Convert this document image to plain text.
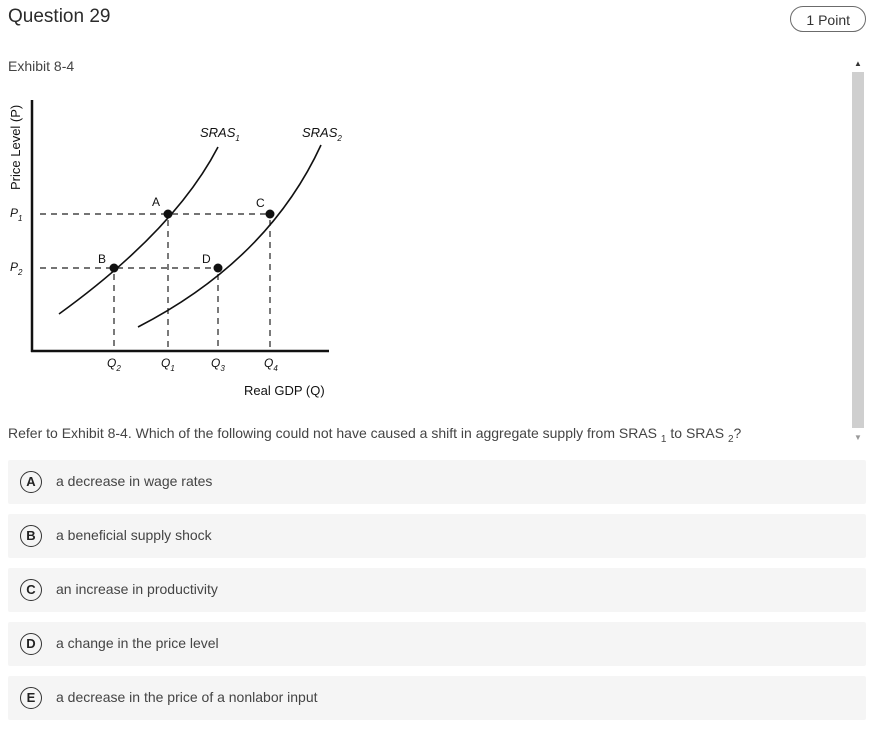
Question 29	1 Point
Exhibit 8-4
A
B
C
D
$SRAS_1$	$SRAS_2$
$P_1$
$P_2$
$Q_2$	$Q_1$	$Q_3$	$Q_4$
Real GDP (Q)
Price Level (P)
▲
▼
Refer to Exhibit 8-4. Which of the following could not have caused a shift in aggregate supply from SRAS $_1$ to SRAS $_2$?
A	a decrease in wage rates
B	a beneficial supply shock
C	an increase in productivity
D	a change in the price level
E	a decrease in the price of a nonlabor input
